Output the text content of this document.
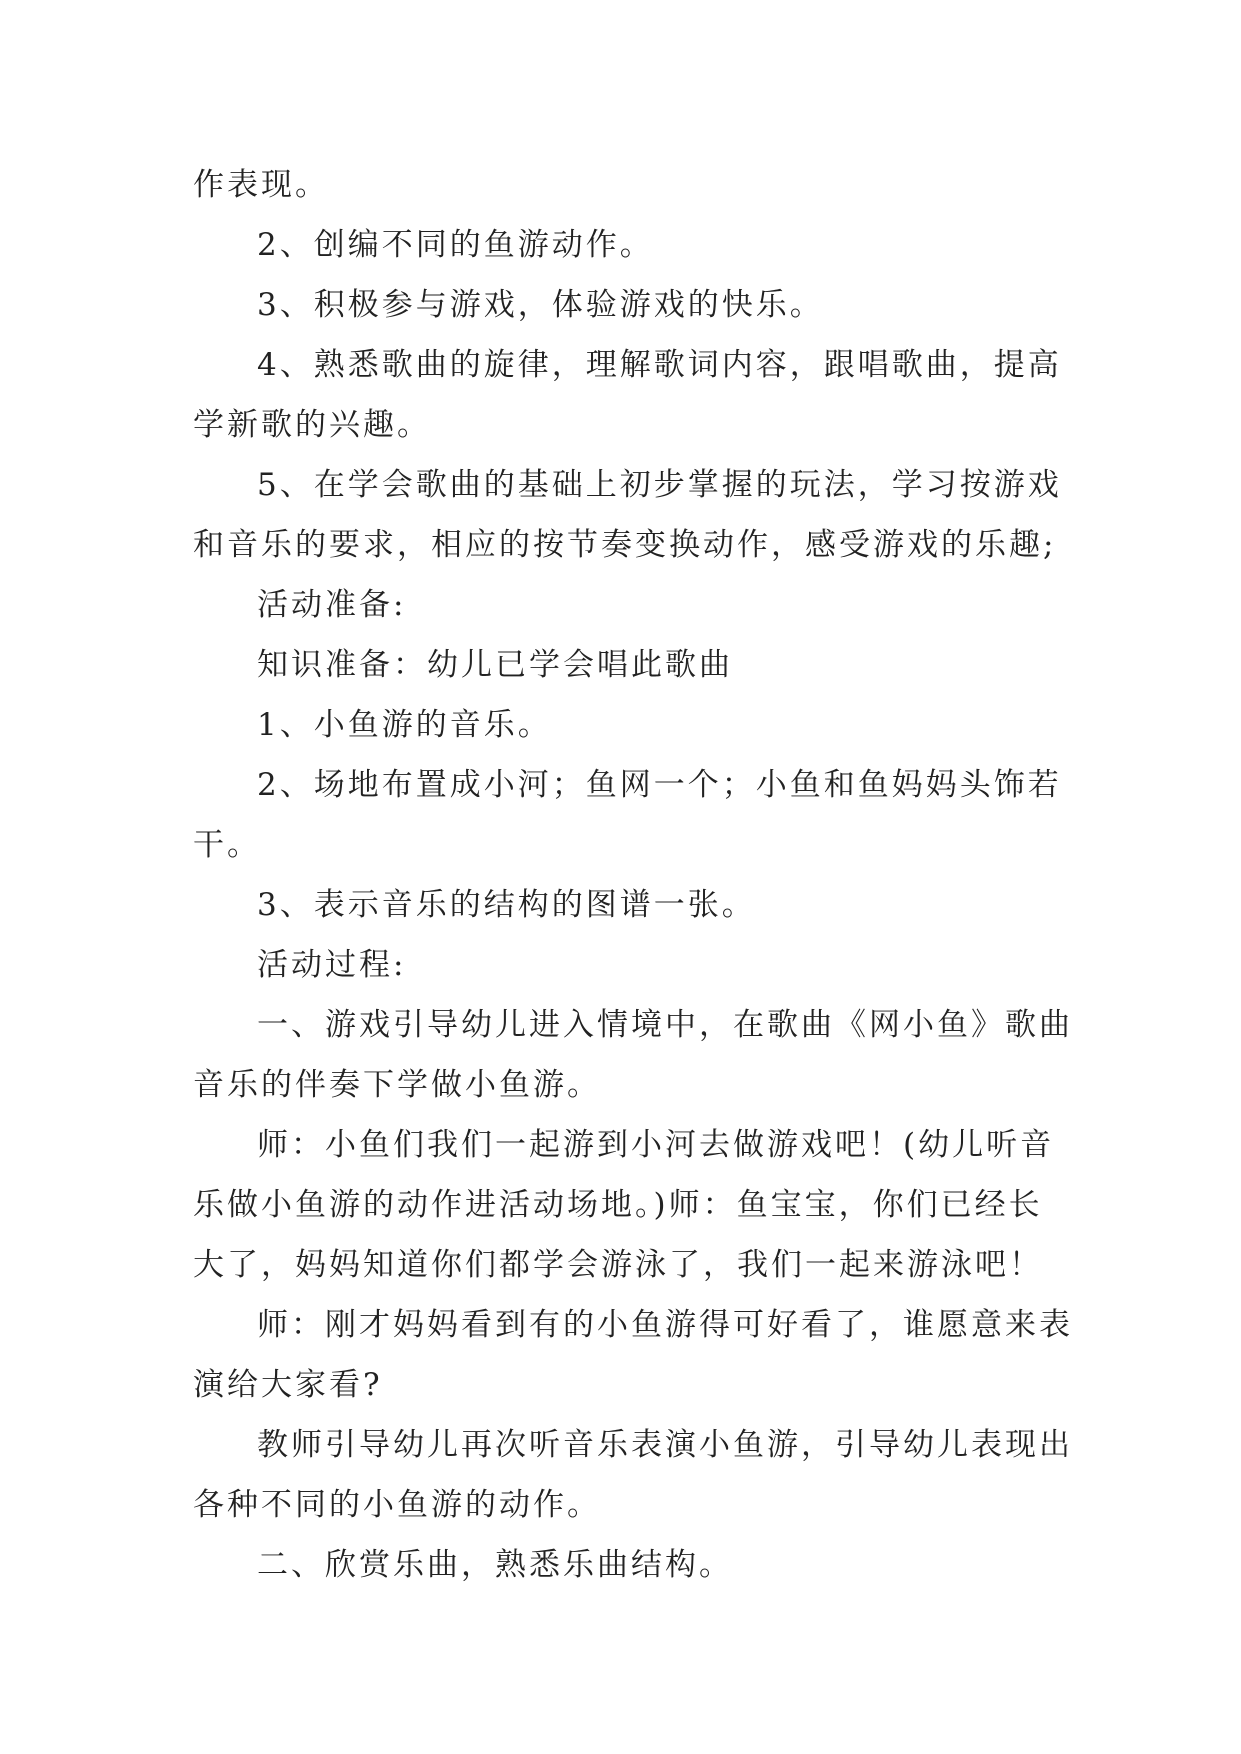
作表现。
2、创编不同的鱼游动作。
3、积极参与游戏，体验游戏的快乐。
4、熟悉歌曲的旋律，理解歌词内容，跟唱歌曲，提高
学新歌的兴趣。
5、在学会歌曲的基础上初步掌握的玩法，学习按游戏
和音乐的要求，相应的按节奏变换动作，感受游戏的乐趣;
活动准备:
知识准备：幼儿已学会唱此歌曲
1、小鱼游的音乐。
2、场地布置成小河；鱼网一个；小鱼和鱼妈妈头饰若
干。
3、表示音乐的结构的图谱一张。
活动过程:
一、游戏引导幼儿进入情境中，在歌曲《网小鱼》歌曲
音乐的伴奏下学做小鱼游。
师：小鱼们我们一起游到小河去做游戏吧！(幼儿听音
乐做小鱼游的动作进活动场地。)师：鱼宝宝，你们已经长
大了，妈妈知道你们都学会游泳了，我们一起来游泳吧！
师：刚才妈妈看到有的小鱼游得可好看了，谁愿意来表
演给大家看?
教师引导幼儿再次听音乐表演小鱼游，引导幼儿表现出
各种不同的小鱼游的动作。
二、欣赏乐曲，熟悉乐曲结构。
